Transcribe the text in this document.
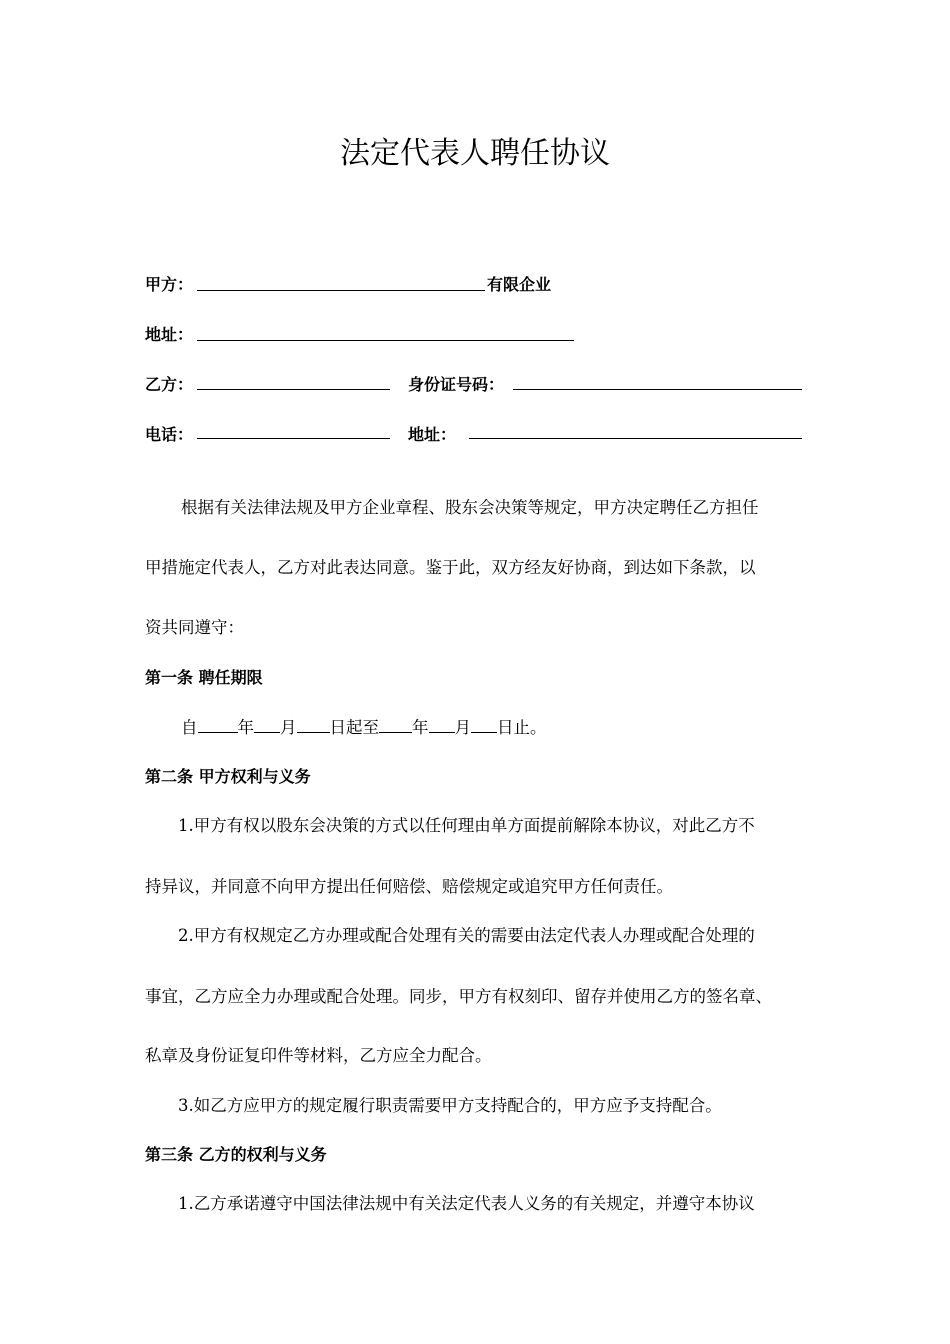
法定代表人聘任协议
甲方：	有限企业
地址：
乙方：	身份证号码：
电话：	地址：
根据有关法律法规及甲方企业章程、股东会决策等规定，甲方决定聘任乙方担任
甲措施定代表人，乙方对此表达同意。鉴于此，双方经友好协商，到达如下条款，以
资共同遵守：
第一条 聘任期限
自 年 月 日起至 年 月 日止。
第二条 甲方权利与义务
1.甲方有权以股东会决策的方式以任何理由单方面提前解除本协议，对此乙方不
持异议，并同意不向甲方提出任何赔偿、赔偿规定或追究甲方任何责任。
2.甲方有权规定乙方办理或配合处理有关的需要由法定代表人办理或配合处理的
事宜，乙方应全力办理或配合处理。同步，甲方有权刻印、留存并使用乙方的签名章、
私章及身份证复印件等材料，乙方应全力配合。
3.如乙方应甲方的规定履行职责需要甲方支持配合的，甲方应予支持配合。
第三条 乙方的权利与义务
1.乙方承诺遵守中国法律法规中有关法定代表人义务的有关规定，并遵守本协议
